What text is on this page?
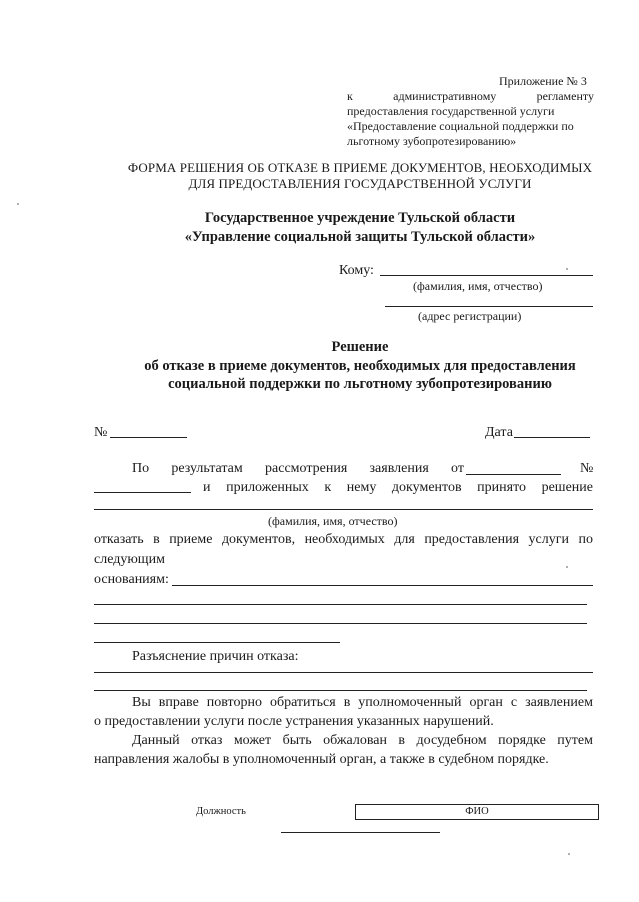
Приложение № 3
к	административному	регламенту
предоставления государственной услуги
«Предоставление социальной поддержки по
льготному зубопротезированию»
ФОРМА РЕШЕНИЯ ОБ ОТКАЗЕ В ПРИЕМЕ ДОКУМЕНТОВ, НЕОБХОДИМЫХ
ДЛЯ ПРЕДОСТАВЛЕНИЯ ГОСУДАРСТВЕННОЙ УСЛУГИ
Государственное учреждение Тульской области
«Управление социальной защиты Тульской области»
Кому:
(фамилия, имя, отчество)
(адрес регистрации)
Решение
об отказе в приеме документов, необходимых для предоставления
социальной поддержки по льготному зубопротезированию
№	Дата
По результатам рассмотрения заявления от	№
и приложенных к нему документов принято решение
(фамилия, имя, отчество)
отказать в приеме документов, необходимых для предоставления услуги по
следующим
основаниям:
Разъяснение причин отказа:
Вы вправе повторно обратиться в уполномоченный орган с заявлением
о предоставлении услуги после устранения указанных нарушений.
Данный отказ может быть обжалован в досудебном порядке путем
направления жалобы в уполномоченный орган, а также в судебном порядке.
Должность	ФИО
